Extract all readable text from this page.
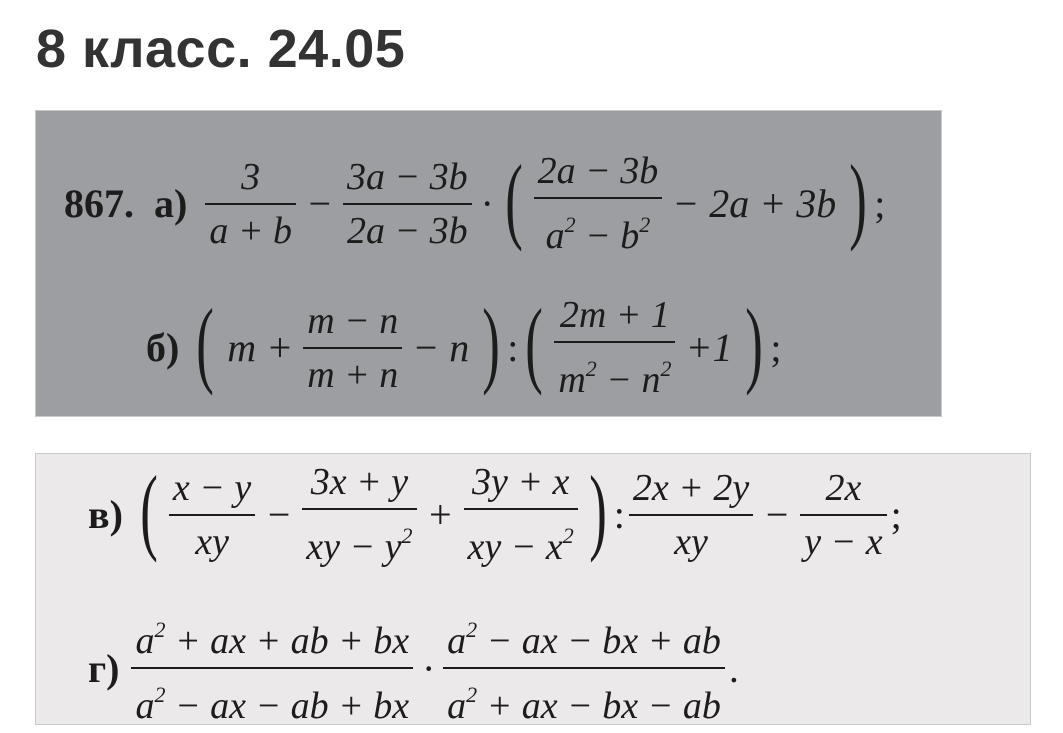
8 класс. 24.05
867. $а) \frac{3}{a + b} - \frac{3a - 3b}{2a - 3b}$ · ( $\frac{2a - 3b}{a^2 - b^2} - 2a + 3b$ ) ;
б) ( $m + \frac{m - n}{m + n} - n$ ) : ( $\frac{2m + 1}{m^2 - n^2} +1$ ) ;
в) ( $\frac{x - y}{xy} - \frac{3x + y}{xy - y^2} + \frac{3y + x}{xy - x^2}$ ) : $\frac{2x + 2y}{xy} - \frac{2x}{y - x}$ ;
$г) \frac{a^2 + ax + ab + bx}{a^2 - ax - ab + bx} \cdot \frac{a^2 - ax - bx + ab}{a^2 + ax - bx - ab}$ .
